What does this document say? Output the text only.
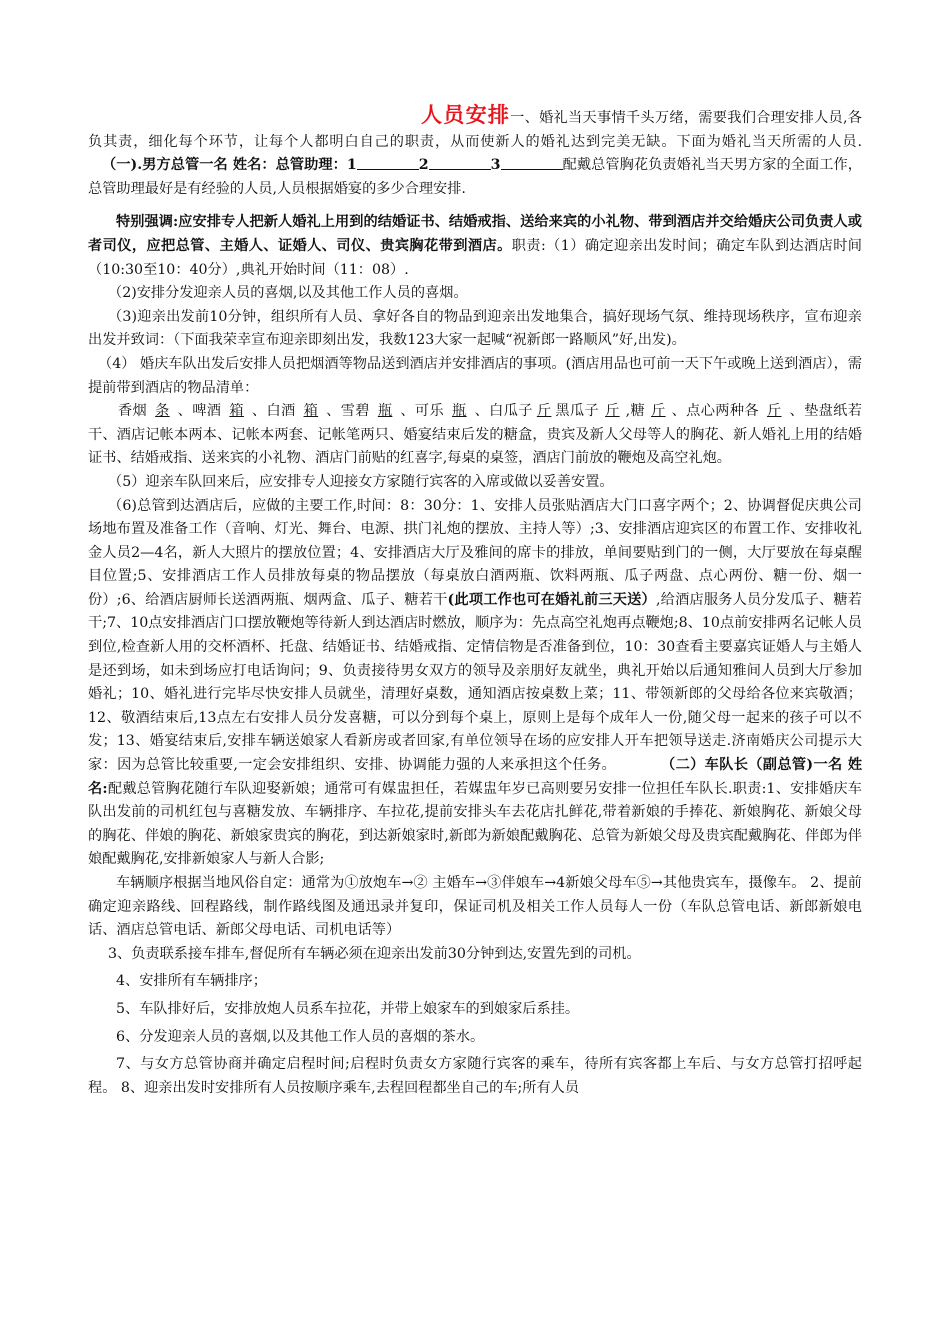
人员安排一、婚礼当天事情千头万绪，需要我们合理安排人员,各负其责，细化每个环节，让每个人都明白自己的职责，从而使新人的婚礼达到完美无缺。下面为婚礼当天所需的人员. （一).男方总管一名 姓名：总管助理：1	2	3	配戴总管胸花负责婚礼当天男方家的全面工作，总管助理最好是有经验的人员,人员根据婚宴的多少合理安排.

特别强调:应安排专人把新人婚礼上用到的结婚证书、结婚戒指、送给来宾的小礼物、带到酒店并交给婚庆公司负责人或者司仪，应把总管、主婚人、证婚人、司仪、贵宾胸花带到酒店。职责:（1）确定迎亲出发时间；确定车队到达酒店时间（10:30至10：40分）,典礼开始时间（11：08）.

（2)安排分发迎亲人员的喜烟,以及其他工作人员的喜烟。

（3)迎亲出发前10分钟，组织所有人员、拿好各自的物品到迎亲出发地集合，搞好现场气氛、维持现场秩序，宣布迎亲出发并致词：（下面我荣幸宣布迎亲即刻出发，我数123大家一起喊“祝新郎一路顺风”好,出发)。

（4） 婚庆车队出发后安排人员把烟酒等物品送到酒店并安排酒店的事项。(酒店用品也可前一天下午或晚上送到酒店），需提前带到酒店的物品清单：

香烟 条 、啤酒 箱 、白酒 箱 、雪碧 瓶 、可乐 瓶 、白瓜子 斤 黑瓜子 斤 ,糖 斤 、点心两种各 斤 、垫盘纸若干、酒店记帐本两本、记帐本两套、记帐笔两只、婚宴结束后发的糖盒，贵宾及新人父母等人的胸花、新人婚礼上用的结婚证书、结婚戒指、送来宾的小礼物、酒店门前贴的红喜字,每桌的桌签，酒店门前放的鞭炮及高空礼炮。

（5）迎亲车队回来后，应安排专人迎接女方家随行宾客的入席或做以妥善安置。

（6)总管到达酒店后，应做的主要工作,时间：8：30分：1、安排人员张贴酒店大门口喜字两个；2、协调督促庆典公司场地布置及准备工作（音响、灯光、舞台、电源、拱门礼炮的摆放、主持人等）;3、安排酒店迎宾区的布置工作、安排收礼金人员2—4名，新人大照片的摆放位置；4、安排酒店大厅及雅间的席卡的排放，单间要贴到门的一侧，大厅要放在每桌醒目位置;5、安排酒店工作人员排放每桌的物品摆放（每桌放白酒两瓶、饮料两瓶、瓜子两盘、点心两份、糖一份、烟一份）;6、给酒店厨师长送酒两瓶、烟两盒、瓜子、糖若干(此项工作也可在婚礼前三天送）,给酒店服务人员分发瓜子、糖若干;7、10点安排酒店门口摆放鞭炮等待新人到达酒店时燃放，顺序为：先点高空礼炮再点鞭炮;8、10点前安排两名记帐人员到位,检查新人用的交杯酒杯、托盘、结婚证书、结婚戒指、定情信物是否准备到位，10：30查看主要嘉宾证婚人与主婚人是还到场，如未到场应打电话询问；9、负责接待男女双方的领导及亲朋好友就坐，典礼开始以后通知雅间人员到大厅参加婚礼；10、婚礼进行完毕尽快安排人员就坐，清理好桌数，通知酒店按桌数上菜；11、带领新郎的父母给各位来宾敬酒；12、敬酒结束后,13点左右安排人员分发喜糖，可以分到每个桌上，原则上是每个成年人一份,随父母一起来的孩子可以不发；13、婚宴结束后,安排车辆送娘家人看新房或者回家,有单位领导在场的应安排人开车把领导送走.济南婚庆公司提示大家：因为总管比较重要,一定会安排组织、安排、协调能力强的人来承担这个任务。	（二）车队长（副总管)一名 姓名:配戴总管胸花随行车队迎娶新娘；通常可有媒盅担任，若媒盅年岁已高则要另安排一位担任车队长.职责:1、安排婚庆车队出发前的司机红包与喜糖发放、车辆排序、车拉花,提前安排头车去花店扎鲜花,带着新娘的手捧花、新娘胸花、新娘父母的胸花、伴娘的胸花、新娘家贵宾的胸花，到达新娘家时,新郎为新娘配戴胸花、总管为新娘父母及贵宾配戴胸花、伴郎为伴娘配戴胸花,安排新娘家人与新人合影;

车辆顺序根据当地风俗自定：通常为①放炮车→② 主婚车→③伴娘车→4新娘父母车⑤→其他贵宾车，摄像车。 2、提前确定迎亲路线、回程路线，制作路线图及通迅录并复印，保证司机及相关工作人员每人一份（车队总管电话、新郎新娘电话、酒店总管电话、新郎父母电话、司机电话等）

3、负责联系接车排车,督促所有车辆必须在迎亲出发前30分钟到达,安置先到的司机。

4、安排所有车辆排序；

5、车队排好后，安排放炮人员系车拉花，并带上娘家车的到娘家后系挂。

6、分发迎亲人员的喜烟,以及其他工作人员的喜烟的茶水。

7、与女方总管协商并确定启程时间;启程时负责女方家随行宾客的乘车，待所有宾客都上车后、与女方总管打招呼起程。 8、迎亲出发时安排所有人员按顺序乘车,去程回程都坐自己的车;所有人员
